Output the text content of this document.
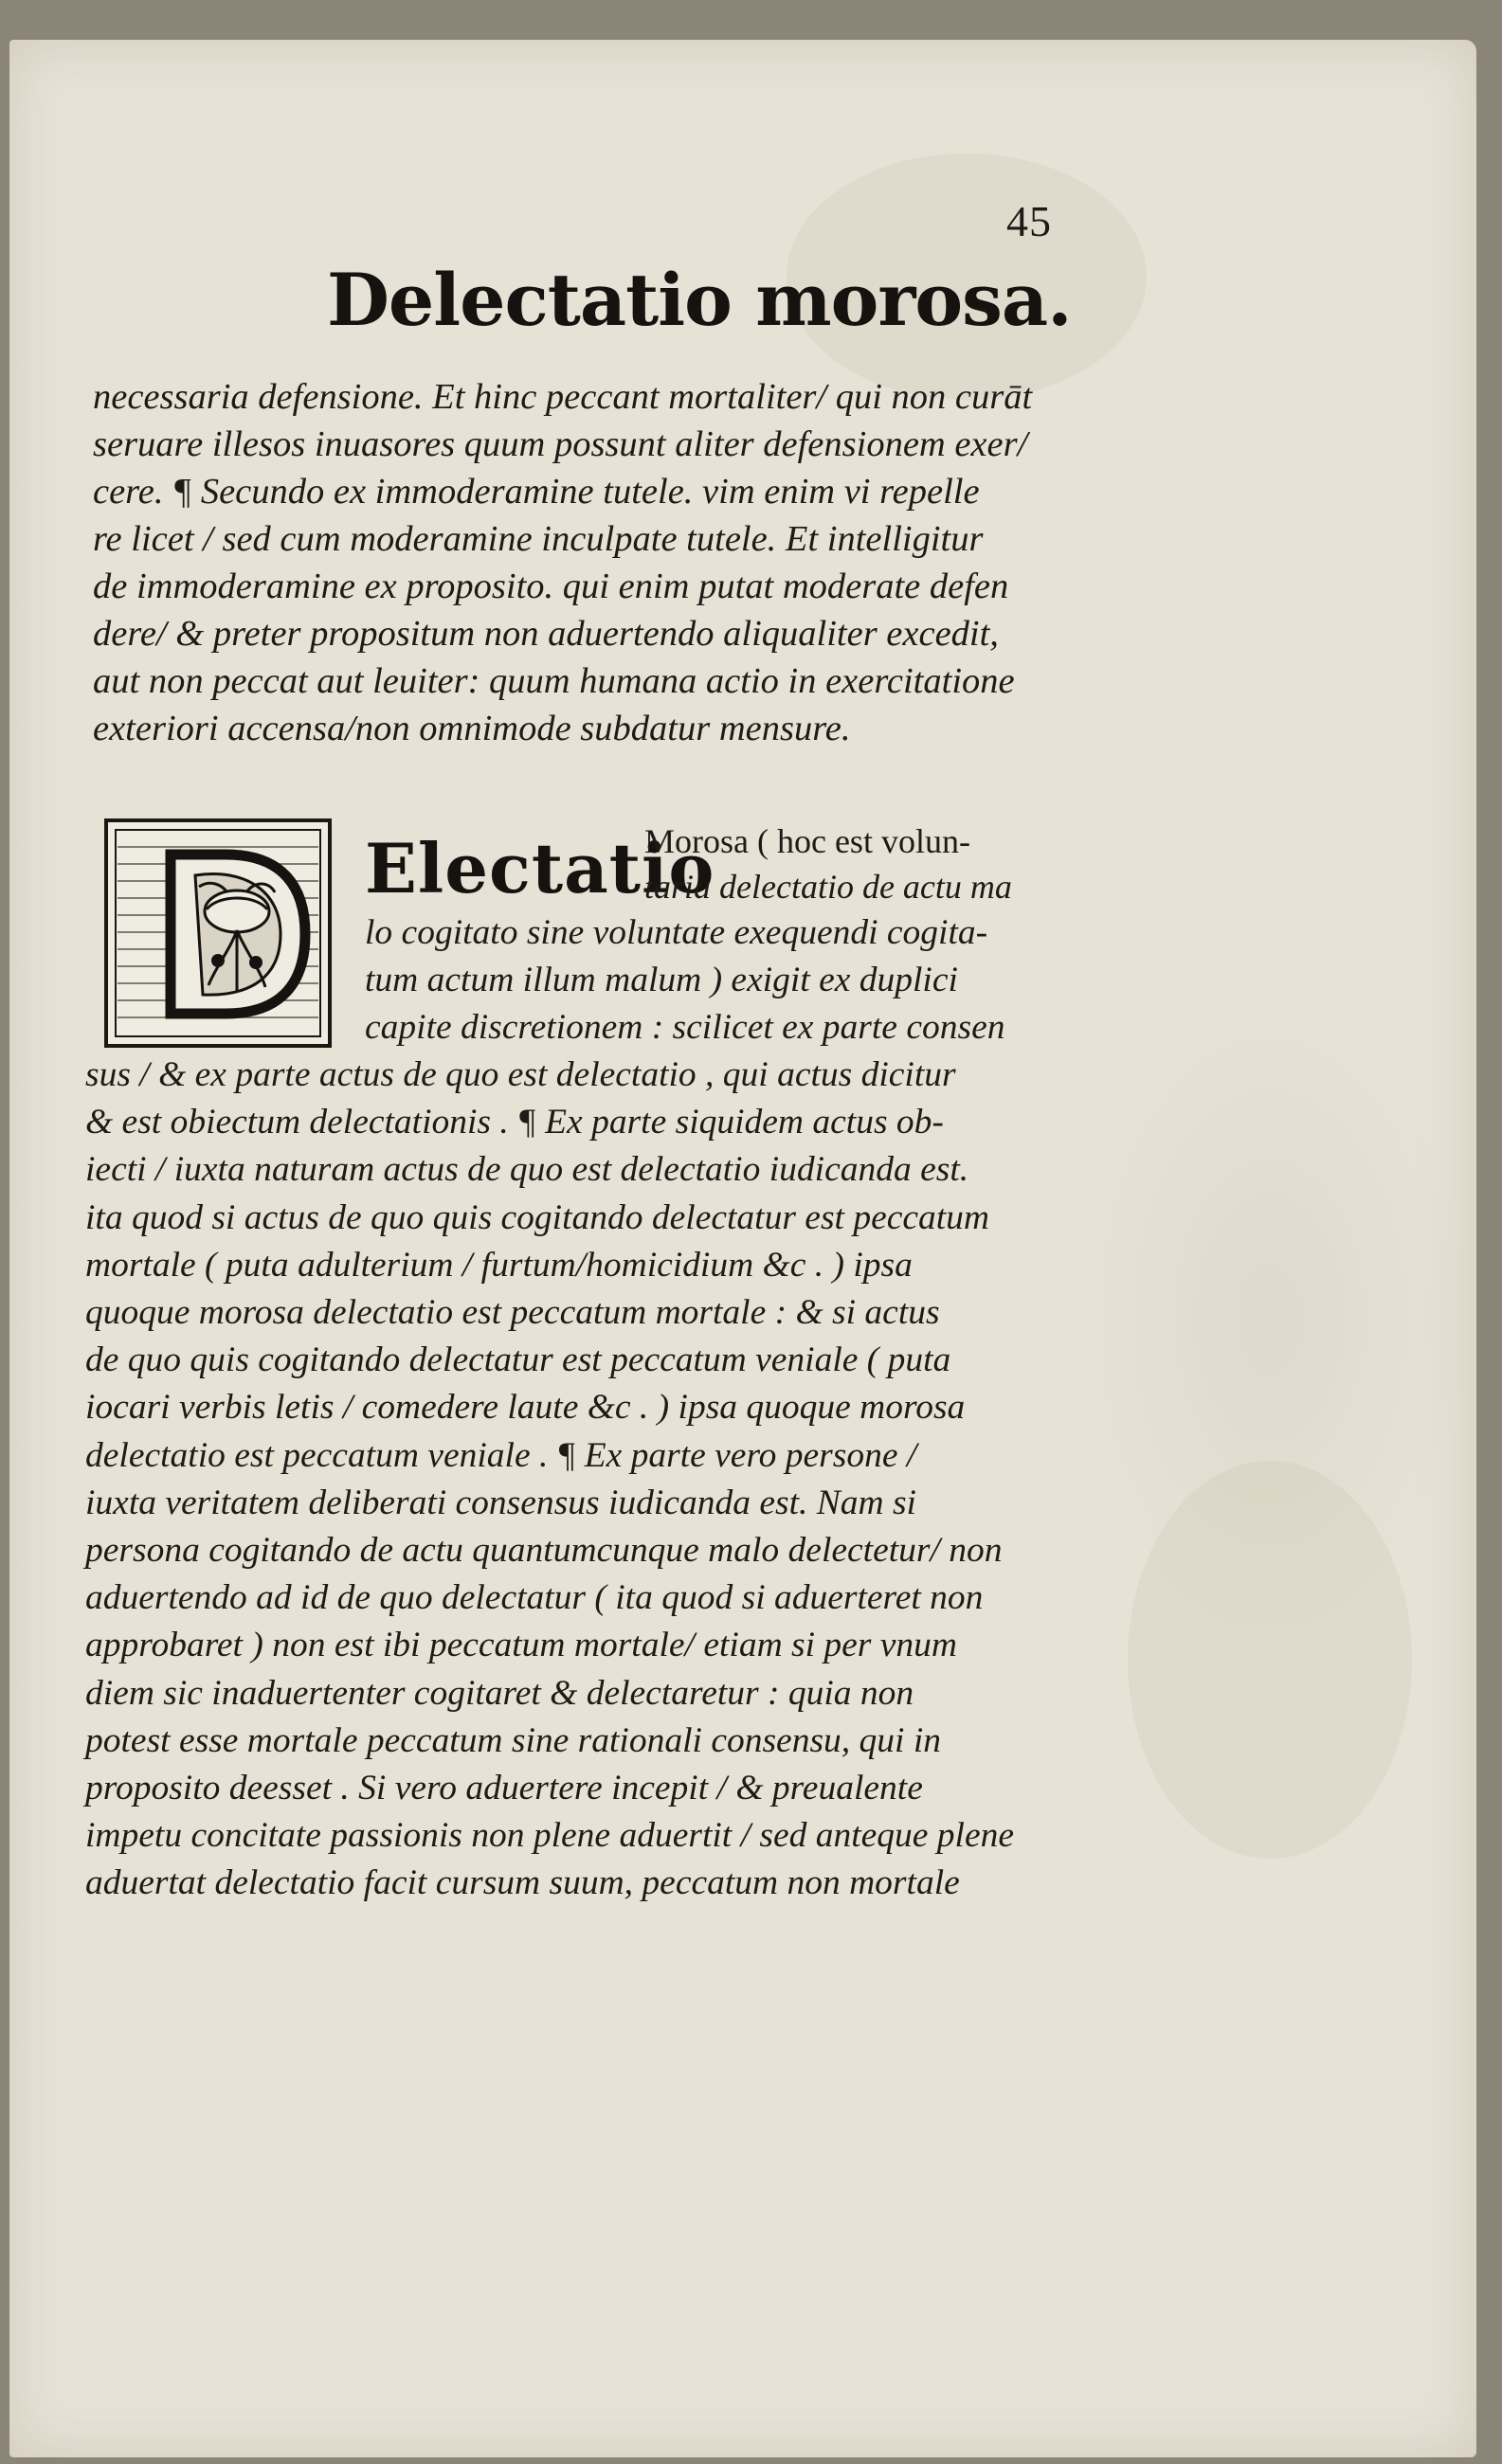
45
Delectatio morosa.
necessaria defensione. Et hinc peccant mortaliter/ qui non curāt
seruare illesos inuasores quum possunt aliter defensionem exer/
cere. ¶ Secundo ex immoderamine tutele. vim enim vi repelle
re licet / sed cum moderamine inculpate tutele. Et intelligitur
de immoderamine ex proposito. qui enim putat moderate defen
dere/ & preter propositum non aduertendo aliqualiter excedit,
aut non peccat aut leuiter: quum humana actio in exercitatione
exteriori accensa/non omnimode subdatur mensure.
Electatio
Morosa ( hoc est volun-
taria delectatio de actu ma
lo cogitato sine voluntate exequendi cogita-
tum actum illum malum ) exigit ex duplici
capite discretionem : scilicet ex parte consen
sus / & ex parte actus de quo est delectatio , qui actus dicitur
& est obiectum delectationis . ¶ Ex parte siquidem actus ob-
iecti / iuxta naturam actus de quo est delectatio iudicanda est.
ita quod si actus de quo quis cogitando delectatur est peccatum
mortale ( puta adulterium / furtum/homicidium &c . ) ipsa
quoque morosa delectatio est peccatum mortale : & si actus
de quo quis cogitando delectatur est peccatum veniale ( puta
iocari verbis letis / comedere laute &c . ) ipsa quoque morosa
delectatio est peccatum veniale . ¶ Ex parte vero persone /
iuxta veritatem deliberati consensus iudicanda est. Nam si
persona cogitando de actu quantumcunque malo delectetur/ non
aduertendo ad id de quo delectatur ( ita quod si aduerteret non
approbaret ) non est ibi peccatum mortale/ etiam si per vnum
diem sic inaduertenter cogitaret & delectaretur : quia non
potest esse mortale peccatum sine rationali consensu, qui in
proposito deesset . Si vero aduertere incepit / & preualente
impetu concitate passionis non plene aduertit / sed anteque plene
aduertat delectatio facit cursum suum, peccatum non mortale
